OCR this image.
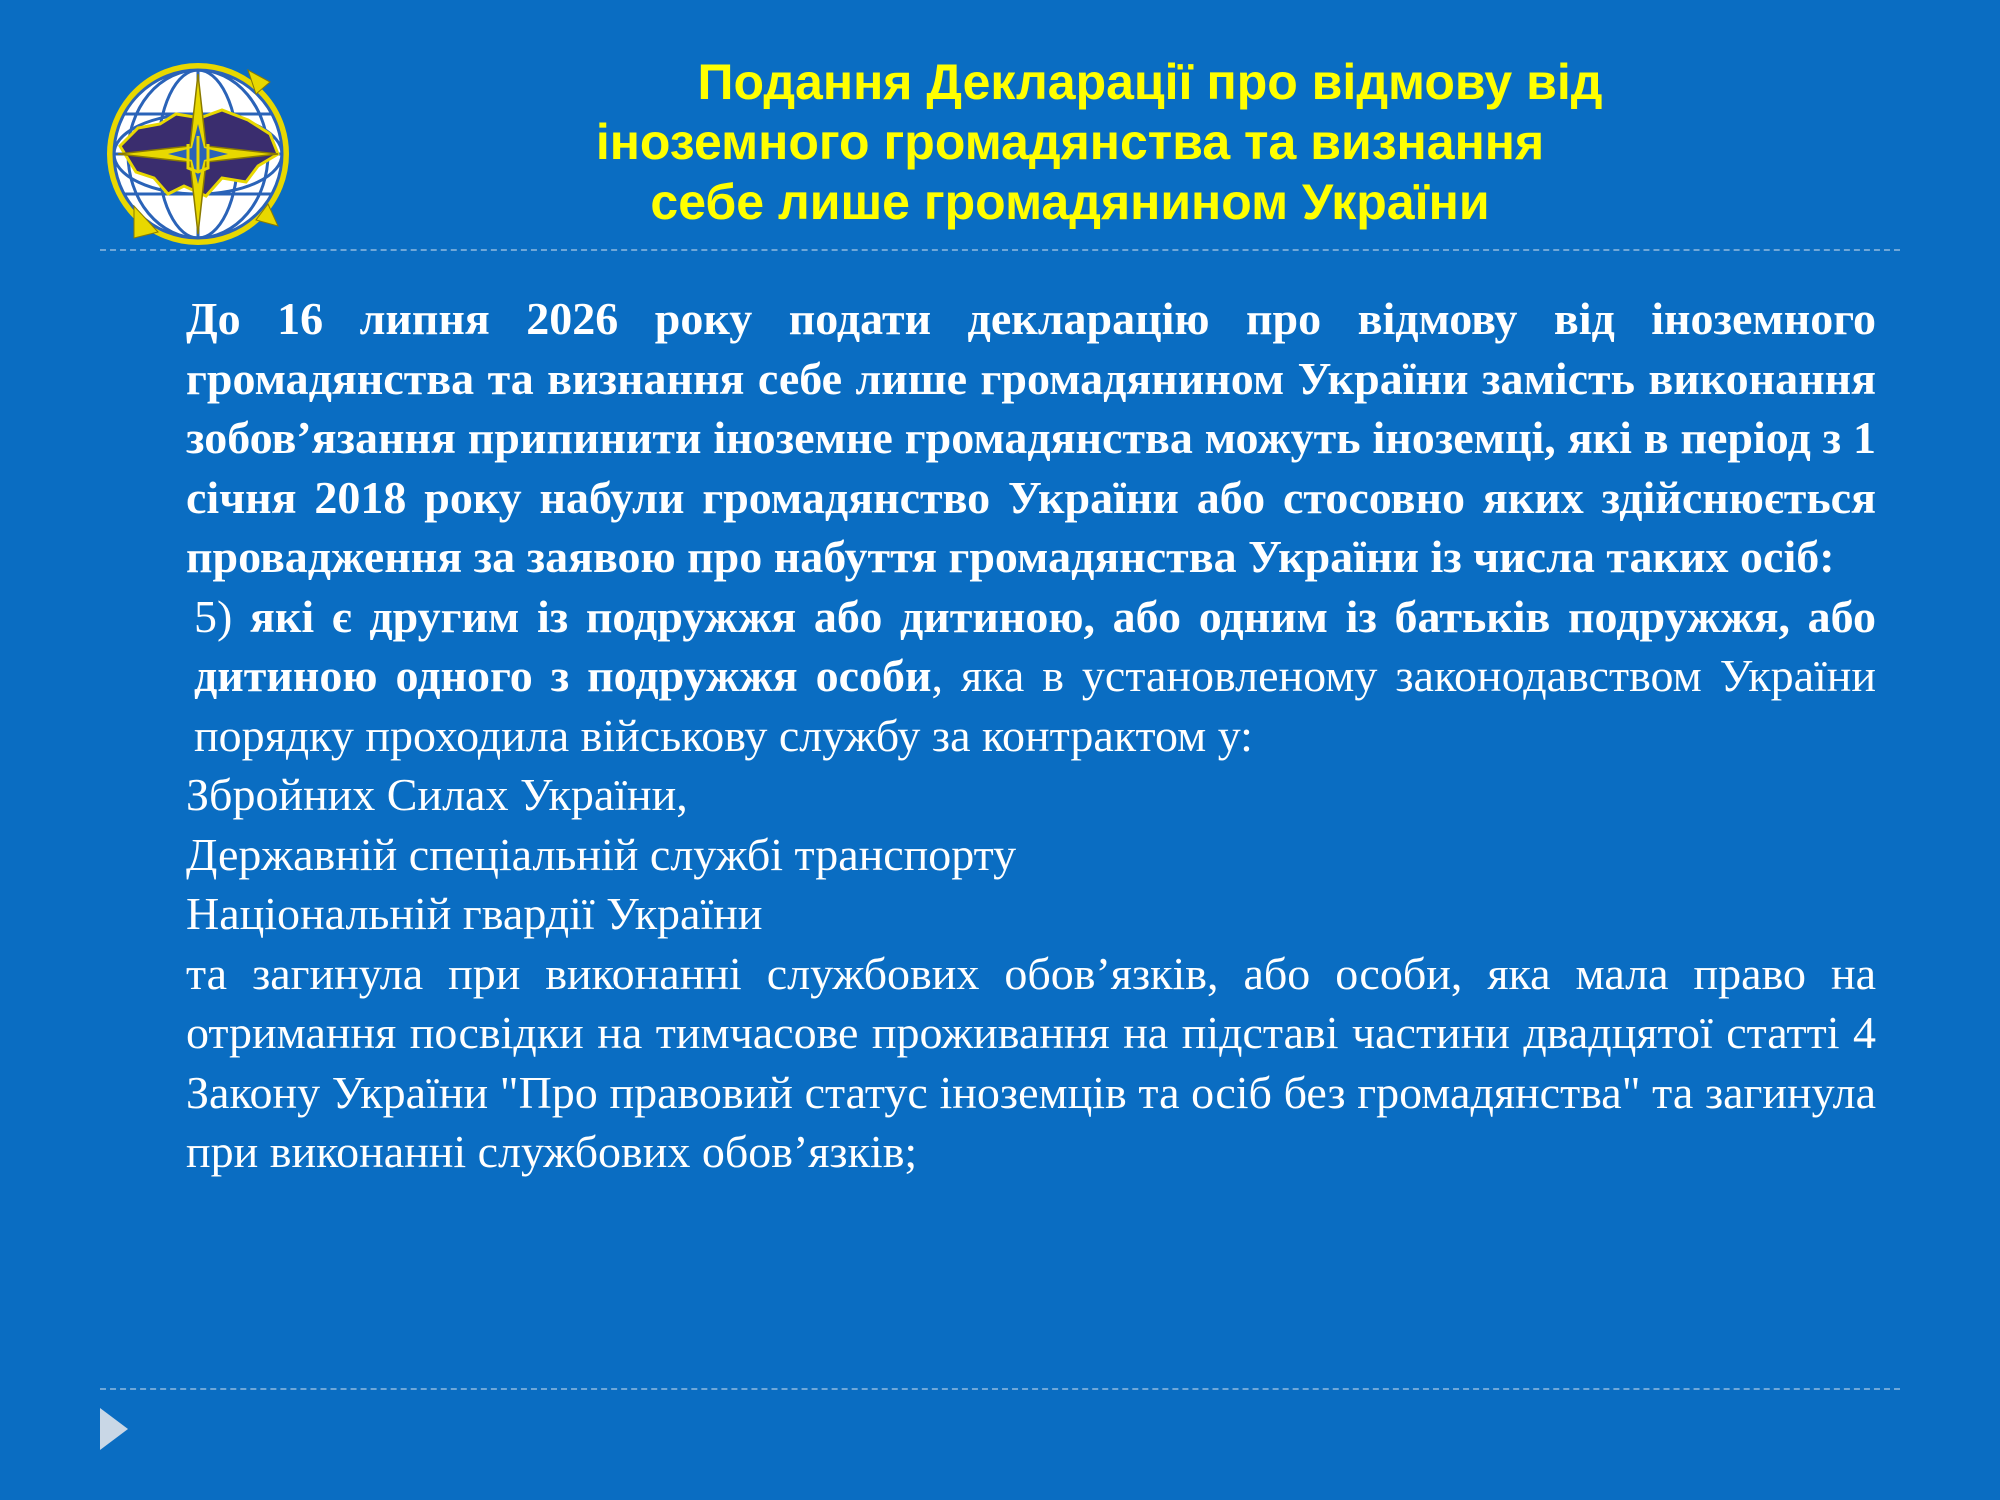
Подання Декларації про відмову від
іноземного громадянства та визнання
себе лише громадянином України

До 16 липня 2026 року подати декларацію про відмову від іноземного громадянства та визнання себе лише громадянином України замість виконання зобов’язання припинити іноземне громадянства можуть іноземці, які в період з 1 січня 2018 року набули громадянство України або стосовно яких здійснюється провадження за заявою про набуття громадянства України із числа таких осіб:

5) які є другим із подружжя або дитиною, або одним із батьків подружжя, або дитиною одного з подружжя особи, яка в установленому законодавством України порядку проходила військову службу за контрактом у:

Збройних Силах України,

Державній спеціальній службі транспорту

Національній гвардії України

та загинула при виконанні службових обов’язків, або особи, яка мала право на отримання посвідки на тимчасове проживання на підставі частини двадцятої статті 4 Закону України "Про правовий статус іноземців та осіб без громадянства" та загинула при виконанні службових обов’язків;
